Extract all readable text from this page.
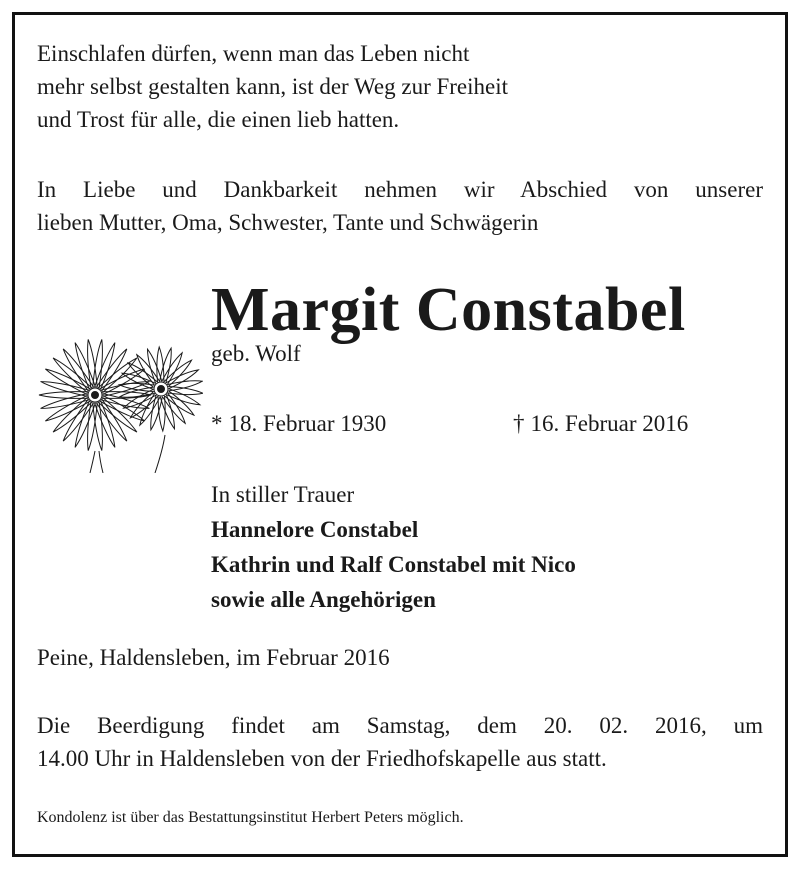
Einschlafen dürfen, wenn man das Leben nicht
mehr selbst gestalten kann, ist der Weg zur Freiheit
und Trost für alle, die einen lieb hatten.
In Liebe und Dankbarkeit nehmen wir Abschied von unserer
lieben Mutter, Oma, Schwester, Tante und Schwägerin
Margit Constabel
geb. Wolf
* 18. Februar 1930	† 16. Februar 2016
In stiller Trauer
Hannelore Constabel
Kathrin und Ralf Constabel mit Nico
sowie alle Angehörigen
Peine, Haldensleben, im Februar 2016
Die Beerdigung findet am Samstag, dem 20. 02. 2016, um
14.00 Uhr in Haldensleben von der Friedhofskapelle aus statt.
Kondolenz ist über das Bestattungsinstitut Herbert Peters möglich.
